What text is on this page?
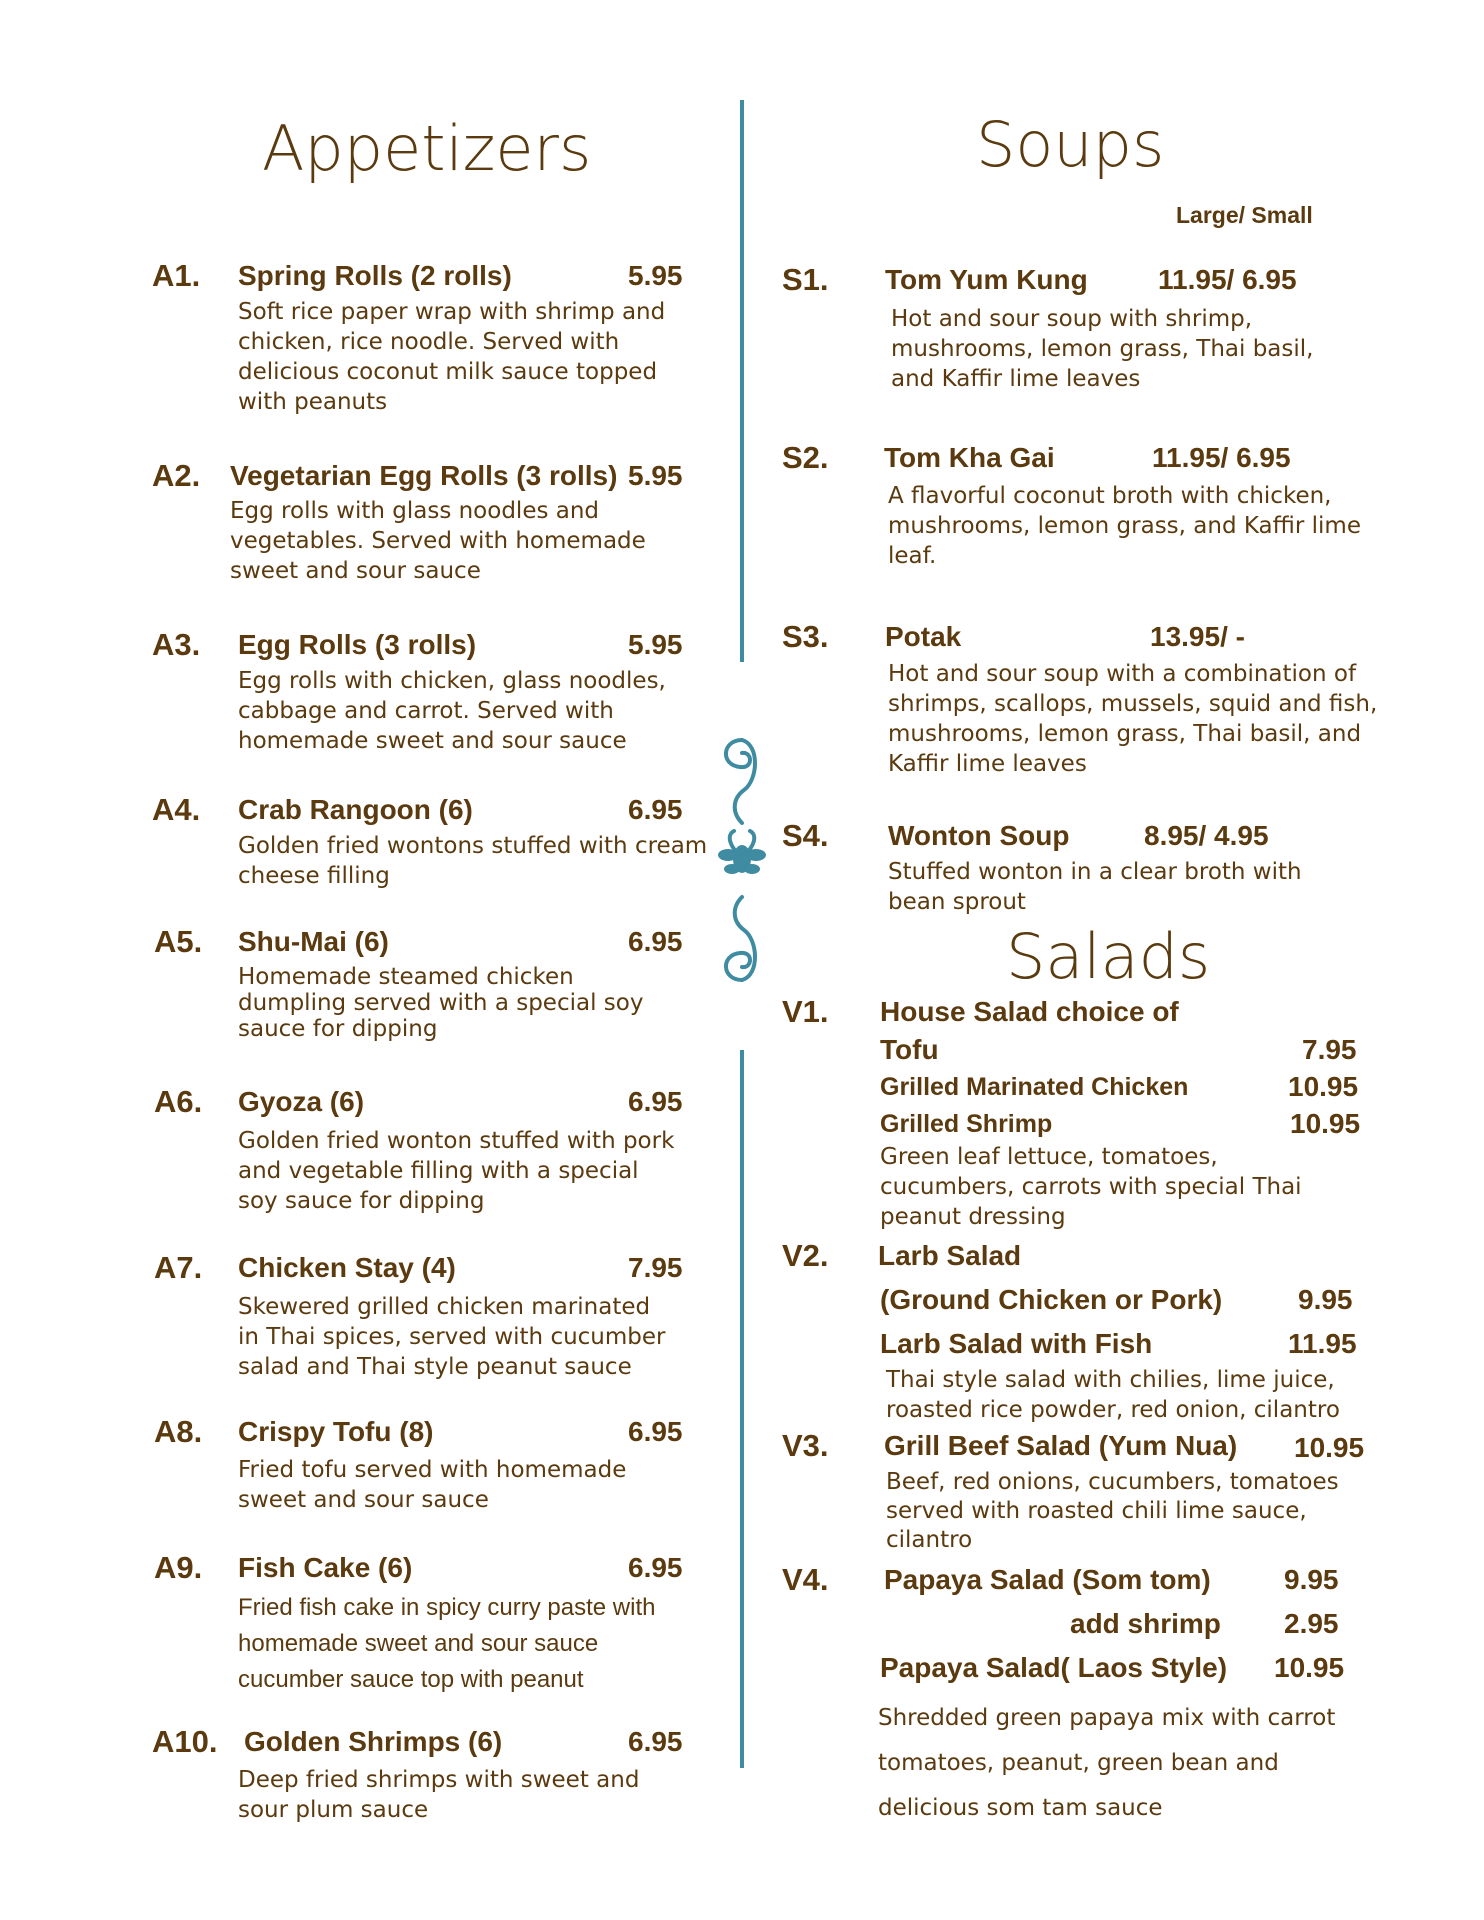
Appetizers
A1. Spring Rolls (2 rolls)	5.95
Soft rice paper wrap with shrimp and
chicken, rice noodle. Served with
delicious coconut milk sauce topped
with peanuts
A2. Vegetarian Egg Rolls (3 rolls) 5.95
Egg rolls with glass noodles and
vegetables. Served with homemade
sweet and sour sauce
A3. Egg Rolls (3 rolls)	5.95
Egg rolls with chicken, glass noodles,
cabbage and carrot. Served with
homemade sweet and sour sauce
A4. Crab Rangoon (6)	6.95
Golden fried wontons stuffed with cream
cheese filling
A5. Shu-Mai (6)	6.95
Homemade steamed chicken
dumpling served with a special soy
sauce for dipping
A6. Gyoza (6)	6.95
Golden fried wonton stuffed with pork
and vegetable filling with a special
soy sauce for dipping
A7. Chicken Stay (4)	7.95
Skewered grilled chicken marinated
in Thai spices, served with cucumber
salad and Thai style peanut sauce
A8. Crispy Tofu (8)	6.95
Fried tofu served with homemade
sweet and sour sauce
A9. Fish Cake (6)	6.95
Fried fish cake in spicy curry paste with
homemade sweet and sour sauce
cucumber sauce top with peanut
A10. Golden Shrimps (6)	6.95
Deep fried shrimps with sweet and
sour plum sauce
Soups
Large/ Small
S1. Tom Yum Kung	11.95/ 6.95
Hot and sour soup with shrimp,
mushrooms, lemon grass, Thai basil,
and Kaffir lime leaves
S2. Tom Kha Gai	11.95/ 6.95
A flavorful coconut broth with chicken,
mushrooms, lemon grass, and Kaffir lime
leaf.
S3. Potak	13.95/ -
Hot and sour soup with a combination of
shrimps, scallops, mussels, squid and fish,
mushrooms, lemon grass, Thai basil, and
Kaffir lime leaves
S4. Wonton Soup	8.95/ 4.95
Stuffed wonton in a clear broth with
bean sprout
Salads
V1. House Salad choice of
Tofu	7.95
Grilled Marinated Chicken	10.95
Grilled Shrimp	10.95
Green leaf lettuce, tomatoes,
cucumbers, carrots with special Thai
peanut dressing
V2. Larb Salad
(Ground Chicken or Pork)	9.95
Larb Salad with Fish	11.95
Thai style salad with chilies, lime juice,
roasted rice powder, red onion, cilantro
V3. Grill Beef Salad (Yum Nua) 10.95
Beef, red onions, cucumbers, tomatoes
served with roasted chili lime sauce,
cilantro
V4. Papaya Salad (Som tom)	9.95
add shrimp 2.95
Papaya Salad( Laos Style) 10.95
Shredded green papaya mix with carrot
tomatoes, peanut, green bean and
delicious som tam sauce
